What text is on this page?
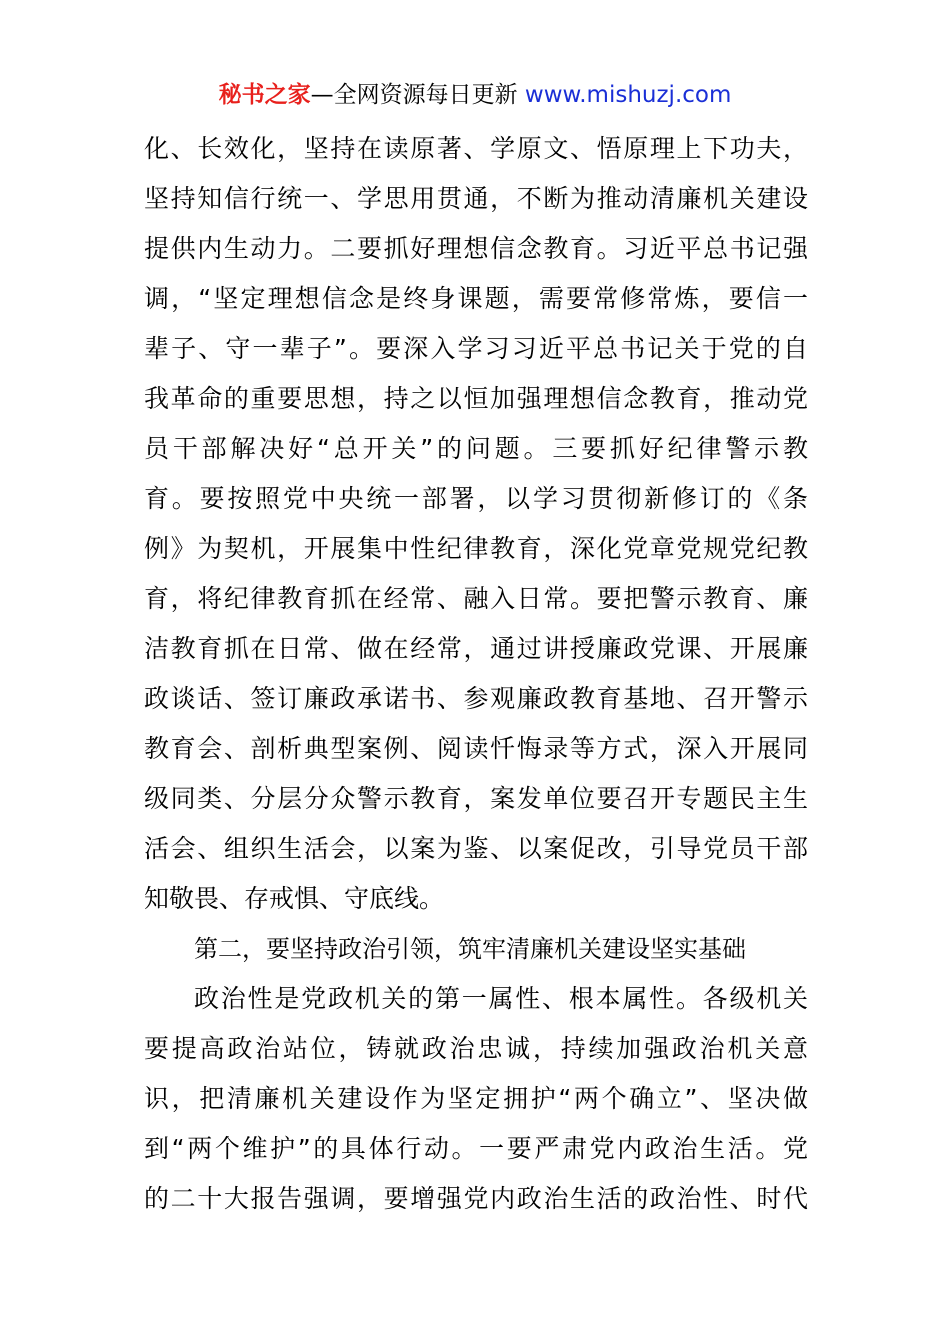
秘书之家—全网资源每日更新 www.mishuzj.com
化、长效化，坚持在读原著、学原文、悟原理上下功夫，
坚持知信行统一、学思用贯通，不断为推动清廉机关建设
提供内生动力。二要抓好理想信念教育。习近平总书记强
调，“坚定理想信念是终身课题，需要常修常炼，要信一
辈子、守一辈子”。要深入学习习近平总书记关于党的自
我革命的重要思想，持之以恒加强理想信念教育，推动党
员干部解决好“总开关”的问题。三要抓好纪律警示教
育。要按照党中央统一部署，以学习贯彻新修订的《条
例》为契机，开展集中性纪律教育，深化党章党规党纪教
育，将纪律教育抓在经常、融入日常。要把警示教育、廉
洁教育抓在日常、做在经常，通过讲授廉政党课、开展廉
政谈话、签订廉政承诺书、参观廉政教育基地、召开警示
教育会、剖析典型案例、阅读忏悔录等方式，深入开展同
级同类、分层分众警示教育，案发单位要召开专题民主生
活会、组织生活会，以案为鉴、以案促改，引导党员干部
知敬畏、存戒惧、守底线。
第二，要坚持政治引领，筑牢清廉机关建设坚实基础
政治性是党政机关的第一属性、根本属性。各级机关
要提高政治站位，铸就政治忠诚，持续加强政治机关意
识，把清廉机关建设作为坚定拥护“两个确立”、坚决做
到“两个维护”的具体行动。一要严肃党内政治生活。党
的二十大报告强调，要增强党内政治生活的政治性、时代
